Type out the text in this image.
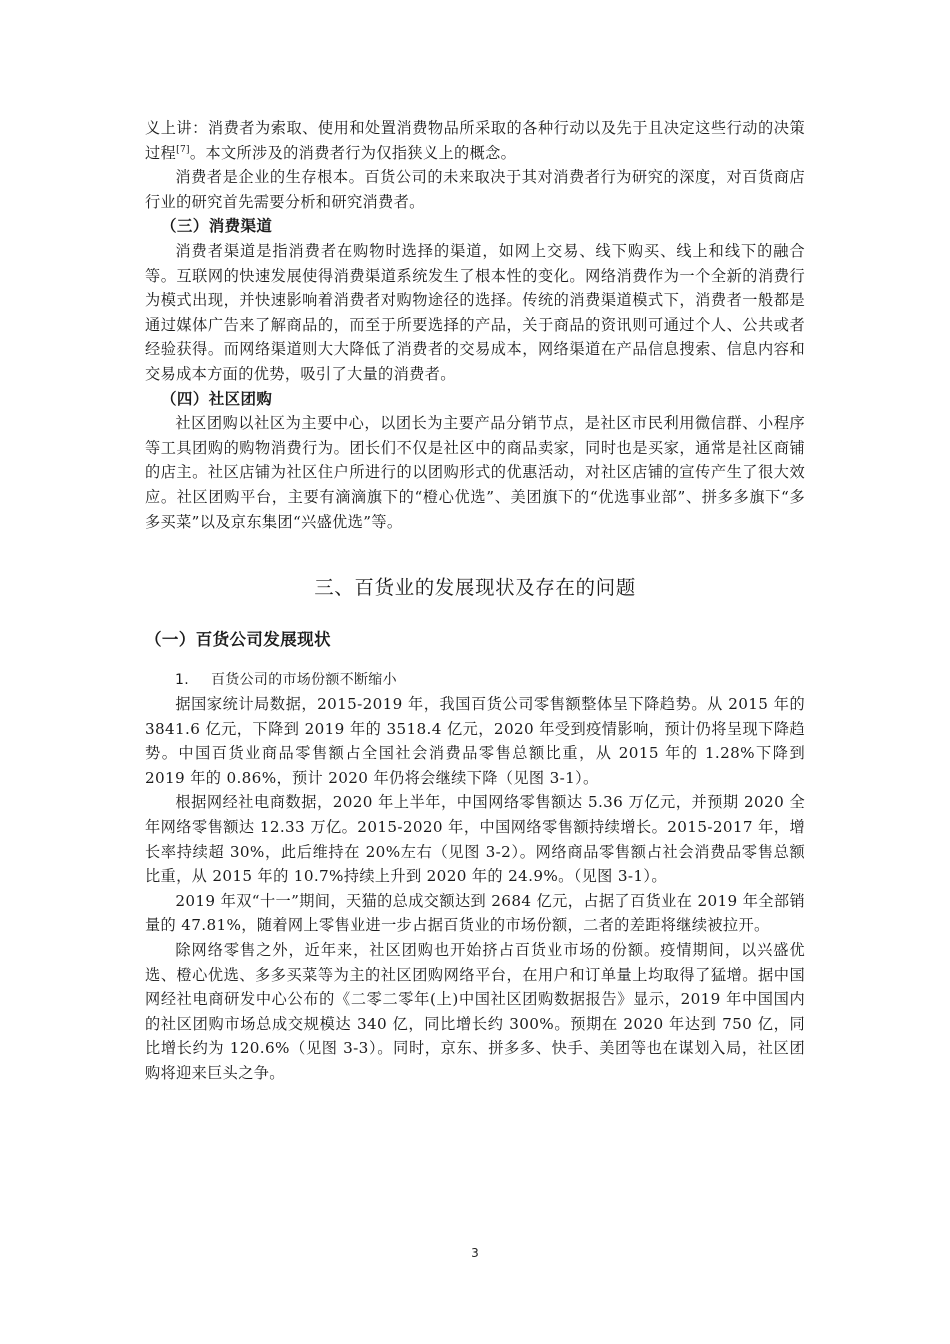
义上讲：消费者为索取、使用和处置消费物品所采取的各种行动以及先于且决定这些行动的决策过程[7]。本文所涉及的消费者行为仅指狭义上的概念。

消费者是企业的生存根本。百货公司的未来取决于其对消费者行为研究的深度，对百货商店行业的研究首先需要分析和研究消费者。

（三）消费渠道

消费者渠道是指消费者在购物时选择的渠道，如网上交易、线下购买、线上和线下的融合等。互联网的快速发展使得消费渠道系统发生了根本性的变化。网络消费作为一个全新的消费行为模式出现，并快速影响着消费者对购物途径的选择。传统的消费渠道模式下，消费者一般都是通过媒体广告来了解商品的，而至于所要选择的产品，关于商品的资讯则可通过个人、公共或者经验获得。而网络渠道则大大降低了消费者的交易成本，网络渠道在产品信息搜索、信息内容和交易成本方面的优势，吸引了大量的消费者。

（四）社区团购

社区团购以社区为主要中心，以团长为主要产品分销节点，是社区市民利用微信群、小程序等工具团购的购物消费行为。团长们不仅是社区中的商品卖家，同时也是买家，通常是社区商铺的店主。社区店铺为社区住户所进行的以团购形式的优惠活动，对社区店铺的宣传产生了很大效应。社区团购平台，主要有滴滴旗下的“橙心优选”、美团旗下的“优选事业部”、拼多多旗下“多多买菜”以及京东集团“兴盛优选”等。

三、百货业的发展现状及存在的问题
（一）百货公司发展现状
1. 百货公司的市场份额不断缩小

据国家统计局数据，2015-2019 年，我国百货公司零售额整体呈下降趋势。从 2015 年的 3841.6 亿元，下降到 2019 年的 3518.4 亿元，2020 年受到疫情影响，预计仍将呈现下降趋势。中国百货业商品零售额占全国社会消费品零售总额比重，从 2015 年的 1.28%下降到 2019 年的 0.86%，预计 2020 年仍将会继续下降（见图 3-1）。

根据网经社电商数据，2020 年上半年，中国网络零售额达 5.36 万亿元，并预期 2020 全年网络零售额达 12.33 万亿。2015-2020 年，中国网络零售额持续增长。2015-2017 年，增长率持续超 30%，此后维持在 20%左右（见图 3-2）。网络商品零售额占社会消费品零售总额比重，从 2015 年的 10.7%持续上升到 2020 年的 24.9%。（见图 3-1）。

2019 年双“十一”期间，天猫的总成交额达到 2684 亿元，占据了百货业在 2019 年全部销量的 47.81%，随着网上零售业进一步占据百货业的市场份额，二者的差距将继续被拉开。

除网络零售之外，近年来，社区团购也开始挤占百货业市场的份额。疫情期间，以兴盛优选、橙心优选、多多买菜等为主的社区团购网络平台，在用户和订单量上均取得了猛增。据中国网经社电商研发中心公布的《二零二零年(上)中国社区团购数据报告》显示，2019 年中国国内的社区团购市场总成交规模达 340 亿，同比增长约 300%。预期在 2020 年达到 750 亿，同比增长约为 120.6%（见图 3-3）。同时，京东、拼多多、快手、美团等也在谋划入局，社区团购将迎来巨头之争。

3
